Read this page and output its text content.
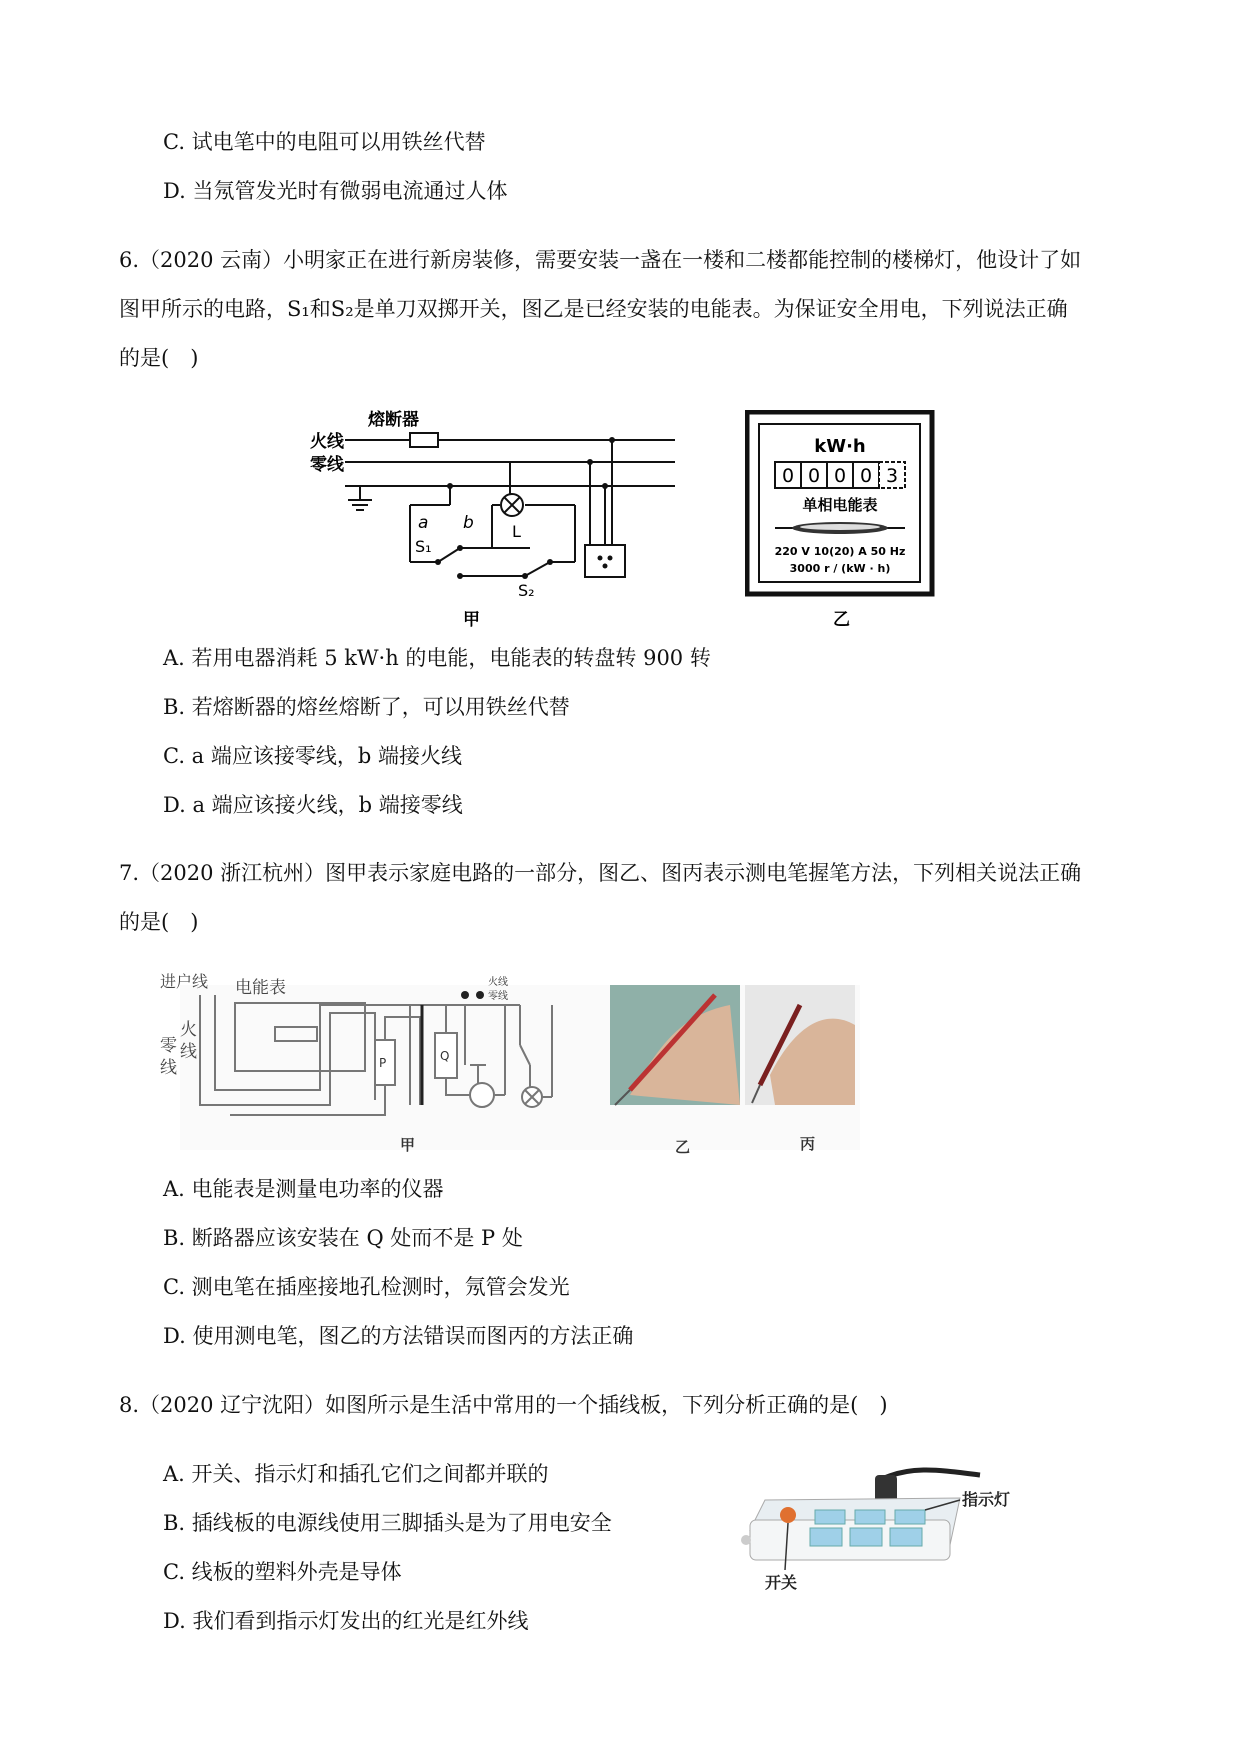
C. 试电笔中的电阻可以用铁丝代替
D. 当氖管发光时有微弱电流通过人体
6.（2020 云南）小明家正在进行新房装修，需要安装一盏在一楼和二楼都能控制的楼梯灯，他设计了如
图甲所示的电路，S₁和S₂是单刀双掷开关，图乙是已经安装的电能表。为保证安全用电，下列说法正确
的是(　)
火线
零线
熔断器
a b L
S₁
S₂
甲
kW·h
0 0 0 0 3
单相电能表
220 V 10(20) A 50 Hz
3000 r / (kW · h)
乙
A. 若用电器消耗 5 kW·h 的电能，电能表的转盘转 900 转
B. 若熔断器的熔丝熔断了，可以用铁丝代替
C. a 端应该接零线，b 端接火线
D. a 端应该接火线，b 端接零线
7.（2020 浙江杭州）图甲表示家庭电路的一部分，图乙、图丙表示测电笔握笔方法，下列相关说法正确
的是(　)
进户线 电能表
火
线
零
线	P	Q
火线
零线
甲	乙	丙
A. 电能表是测量电功率的仪器
B. 断路器应该安装在 Q 处而不是 P 处
C. 测电笔在插座接地孔检测时，氖管会发光
D. 使用测电笔，图乙的方法错误而图丙的方法正确
8.（2020 辽宁沈阳）如图所示是生活中常用的一个插线板，下列分析正确的是(　)
A. 开关、指示灯和插孔它们之间都并联的
B. 插线板的电源线使用三脚插头是为了用电安全
C. 线板的塑料外壳是导体
D. 我们看到指示灯发出的红光是红外线
指示灯
开关
